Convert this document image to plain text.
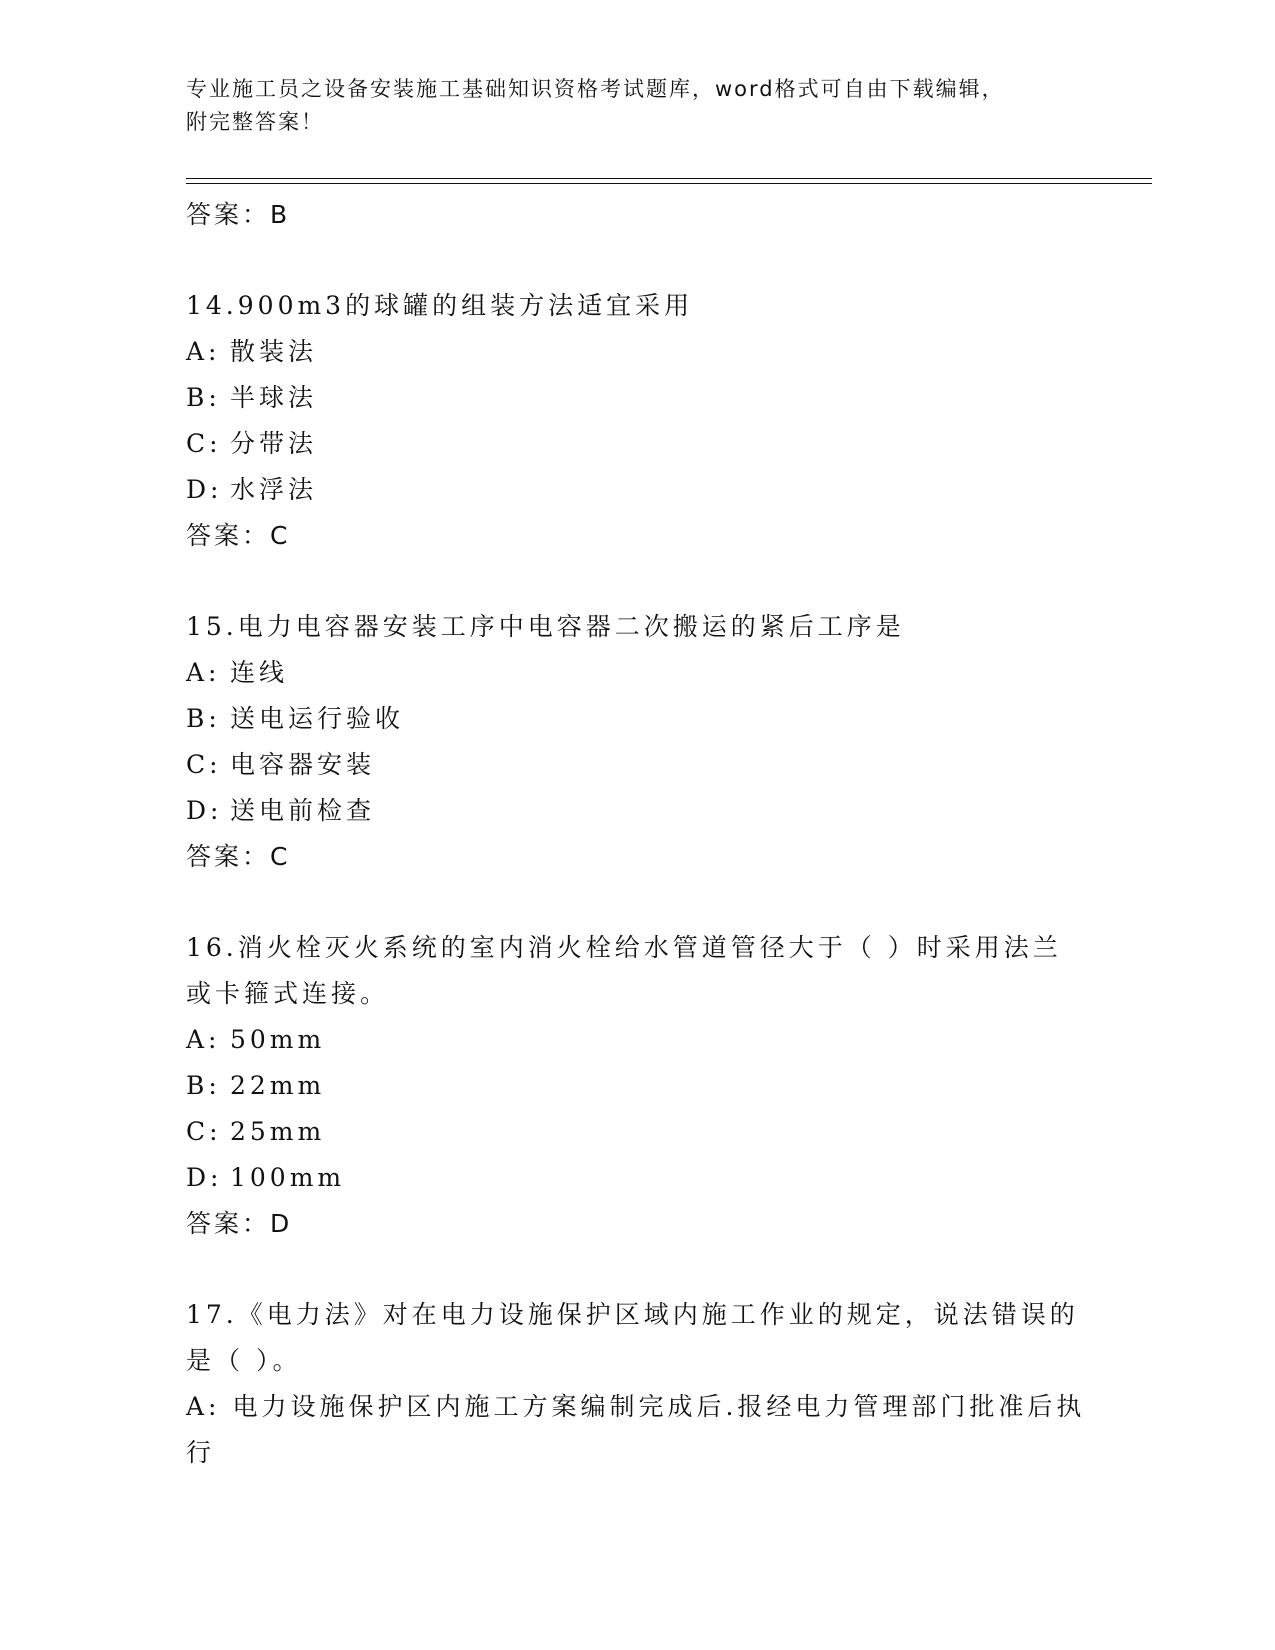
专业施工员之设备安装施工基础知识资格考试题库，word格式可自由下载编辑，
附完整答案！
答案：B
14.900m3的球罐的组装方法适宜采用
A: 散装法
B: 半球法
C: 分带法
D: 水浮法
答案：C
15.电力电容器安装工序中电容器二次搬运的紧后工序是
A: 连线
B: 送电运行验收
C: 电容器安装
D: 送电前检查
答案：C
16.消火栓灭火系统的室内消火栓给水管道管径大于（ ）时采用法兰或卡箍式连接。
A: 50mm
B: 22mm
C: 25mm
D: 100mm
答案：D
17.《电力法》对在电力设施保护区域内施工作业的规定，说法错误的是（ ）。
A: 电力设施保护区内施工方案编制完成后.报经电力管理部门批准后执行
